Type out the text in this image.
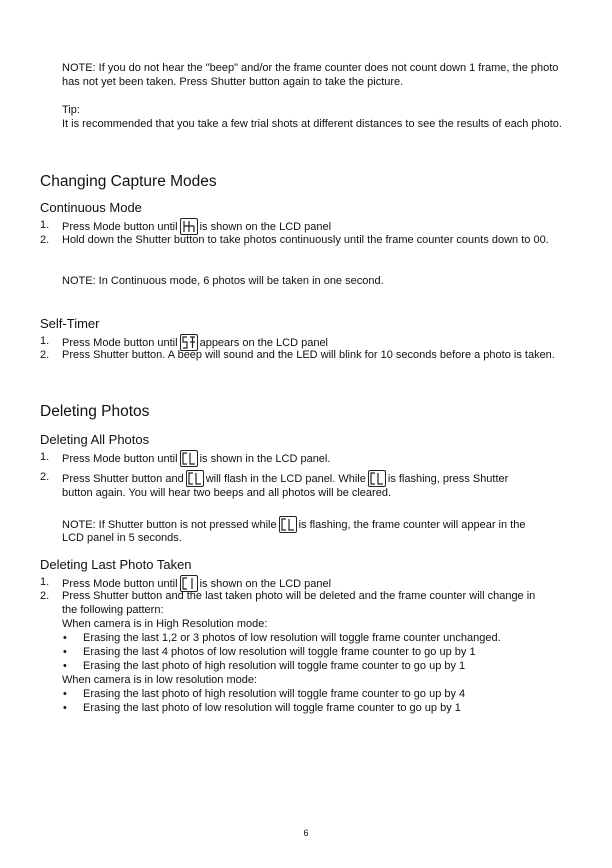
NOTE: If you do not hear the "beep" and/or the frame counter does not count down 1 frame, the photo has not yet been taken. Press Shutter button again to take the picture.
Tip:
It is recommended that you take a few trial shots at different distances to see the results of each photo.
Changing Capture Modes
Continuous Mode
1. Press Mode button until is shown on the LCD panel
2. Hold down the Shutter button to take photos continuously until the frame counter counts down to 00.
NOTE: In Continuous mode, 6 photos will be taken in one second.
Self-Timer
1. Press Mode button until appears on the LCD panel
2. Press Shutter button. A beep will sound and the LED will blink for 10 seconds before a photo is taken.
Deleting Photos
Deleting All Photos
1. Press Mode button until is shown in the LCD panel.
2. Press Shutter button and will flash in the LCD panel. While is flashing, press Shutter
button again. You will hear two beeps and all photos will be cleared.
NOTE: If Shutter button is not pressed while is flashing, the frame counter will appear in the
LCD panel in 5 seconds.
Deleting Last Photo Taken
1. Press Mode button until is shown on the LCD panel
2. Press Shutter button and the last taken photo will be deleted and the frame counter will change in
the following pattern:
When camera is in High Resolution mode:
• Erasing the last 1,2 or 3 photos of low resolution will toggle frame counter unchanged.
• Erasing the last 4 photos of low resolution will toggle frame counter to go up by 1
• Erasing the last photo of high resolution will toggle frame counter to go up by 1
When camera is in low resolution mode:
• Erasing the last photo of high resolution will toggle frame counter to go up by 4
• Erasing the last photo of low resolution will toggle frame counter to go up by 1
6
